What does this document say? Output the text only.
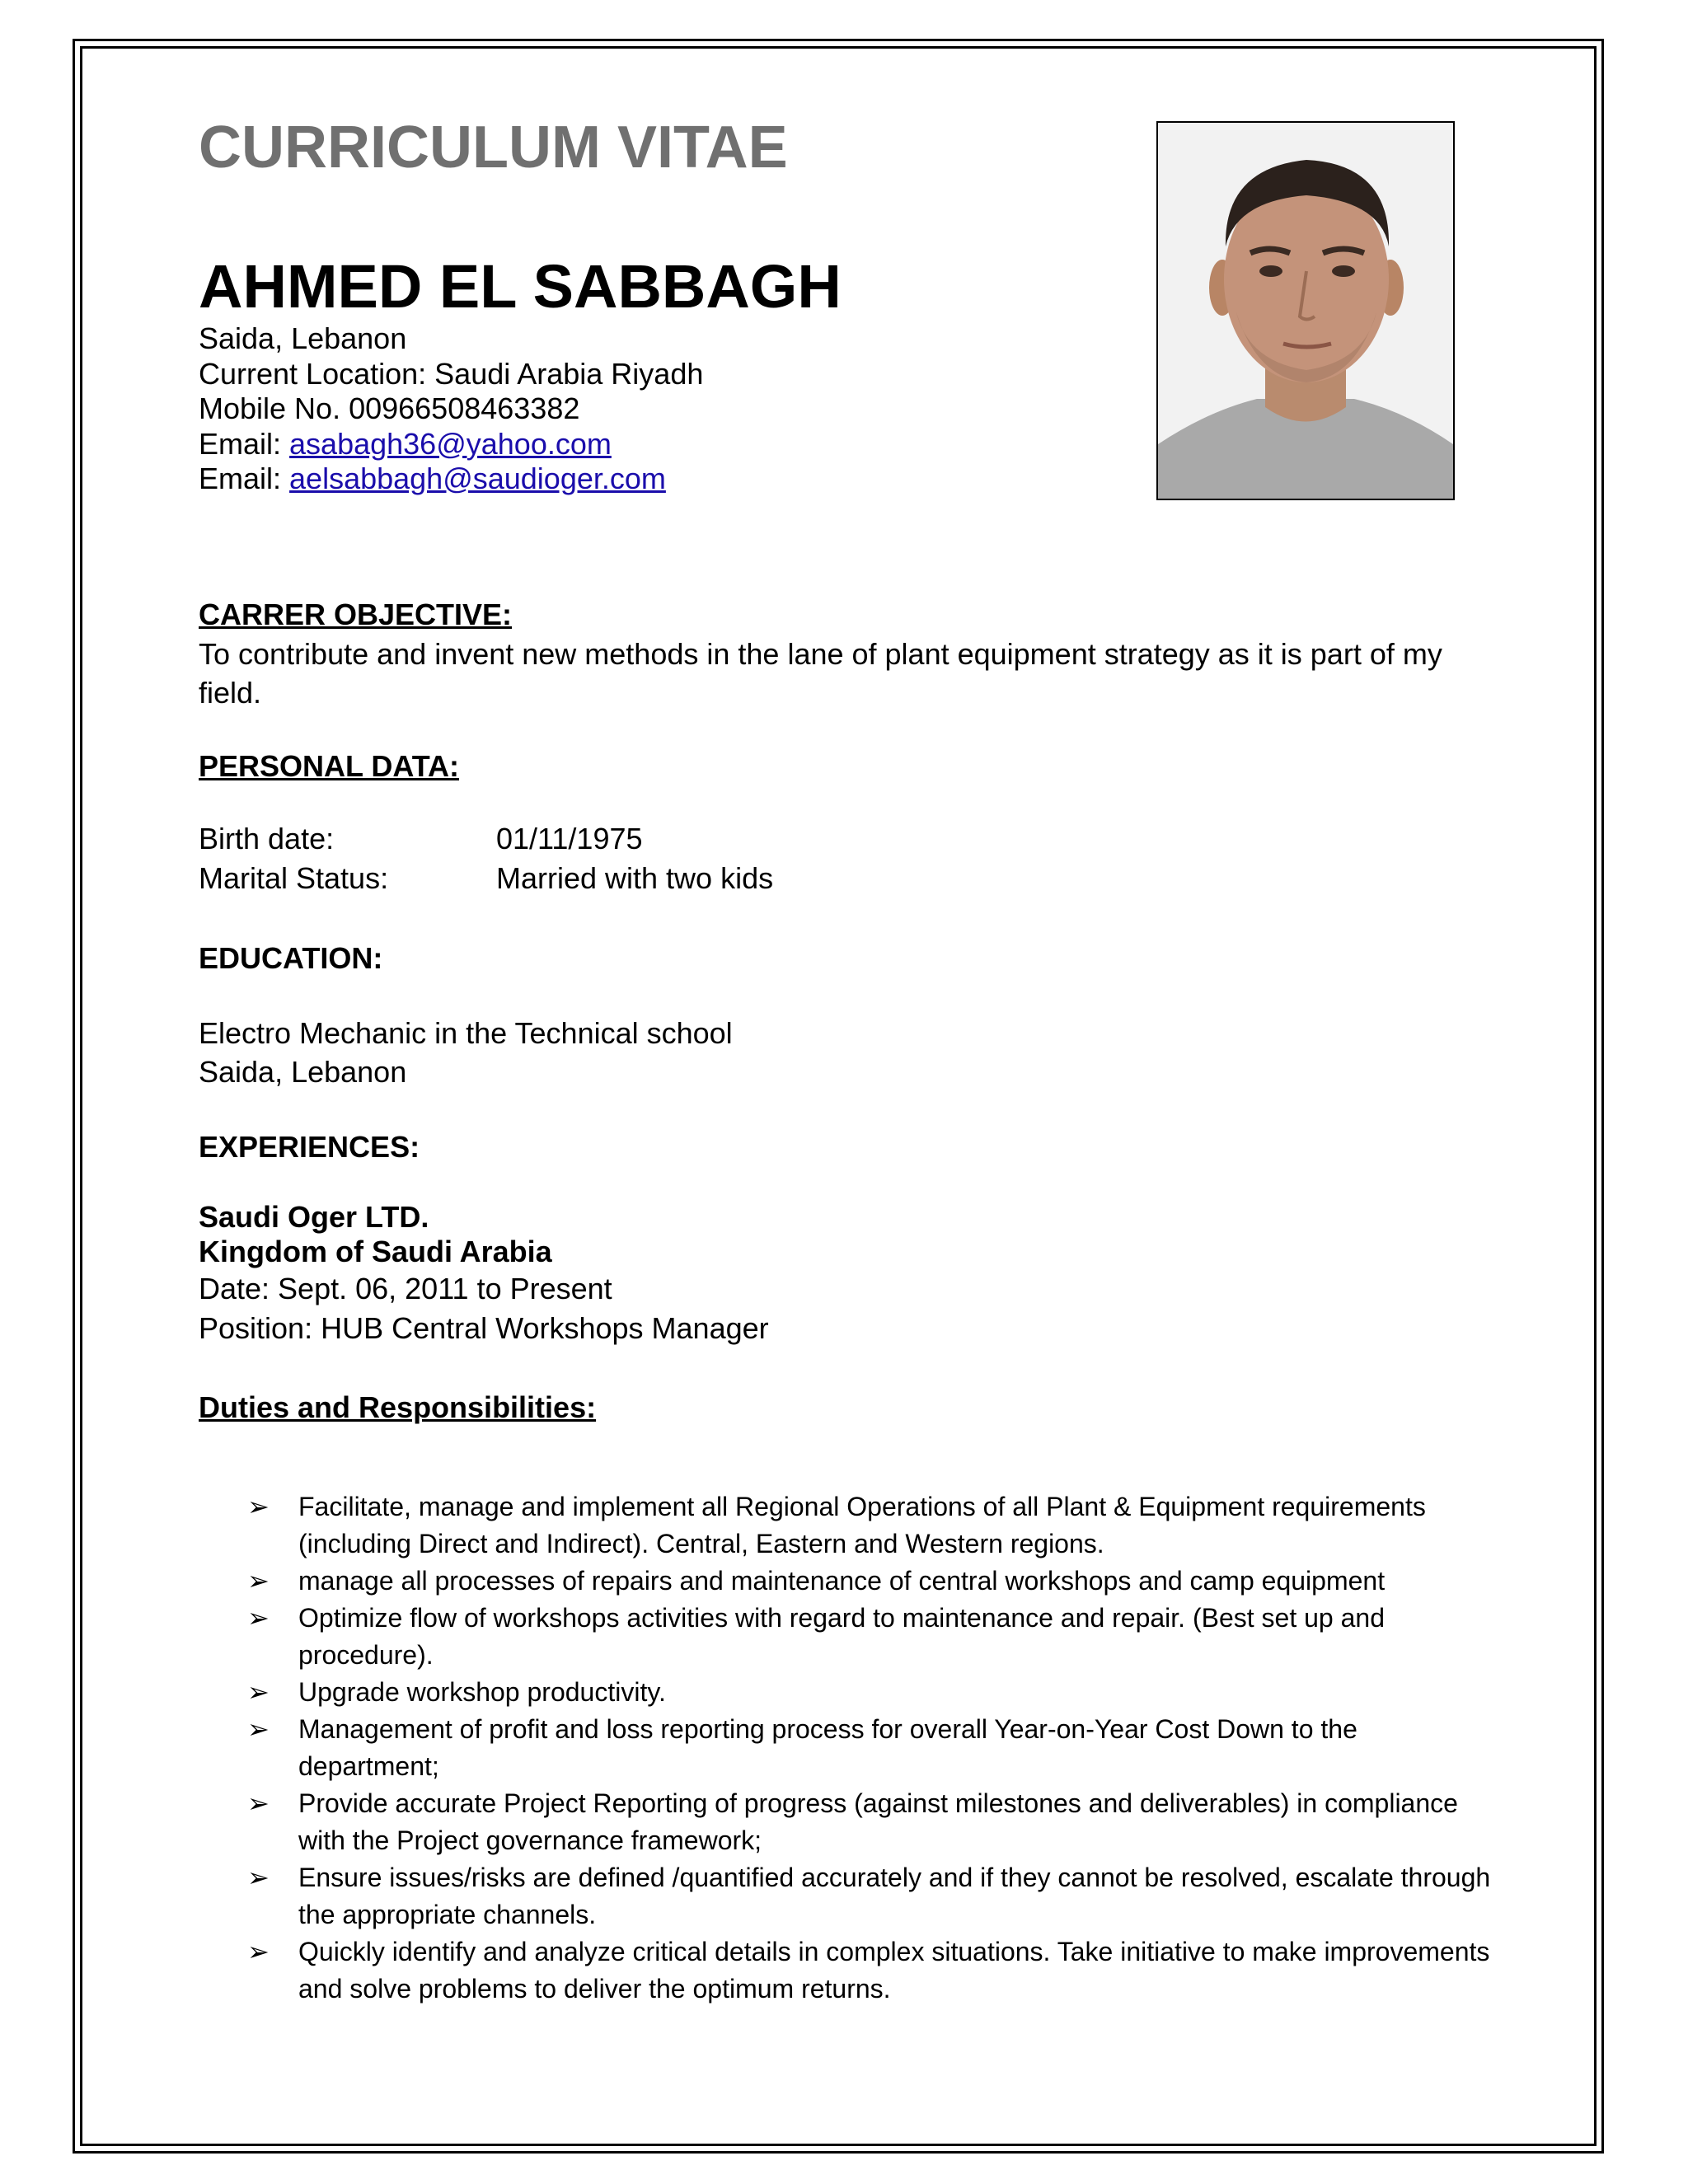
CURRICULUM VITAE
AHMED EL SABBAGH
Saida, Lebanon
Current Location: Saudi Arabia Riyadh
Mobile No. 00966508463382
Email: asabagh36@yahoo.com
Email: aelsabbagh@saudioger.com
CARRER OBJECTIVE:
To contribute and invent new methods in the lane of plant equipment strategy as it is part of my field.
PERSONAL DATA:
Birth date:	01/11/1975
Marital Status:	Married with two kids
EDUCATION:
Electro Mechanic in the Technical school
Saida, Lebanon
EXPERIENCES:
Saudi Oger LTD.
Kingdom of Saudi Arabia
Date: Sept. 06, 2011 to Present
Position: HUB Central Workshops Manager
Duties and Responsibilities:
➢ Facilitate, manage and implement all Regional Operations of all Plant & Equipment requirements (including Direct and Indirect). Central, Eastern and Western regions.
➢ manage all processes of repairs and maintenance of central workshops and camp equipment
➢ Optimize flow of workshops activities with regard to maintenance and repair. (Best set up and procedure).
➢ Upgrade workshop productivity.
➢ Management of profit and loss reporting process for overall Year-on-Year Cost Down to the department;
➢ Provide accurate Project Reporting of progress (against milestones and deliverables) in compliance with the Project governance framework;
➢ Ensure issues/risks are defined /quantified accurately and if they cannot be resolved, escalate through the appropriate channels.
➢ Quickly identify and analyze critical details in complex situations. Take initiative to make improvements and solve problems to deliver the optimum returns.
